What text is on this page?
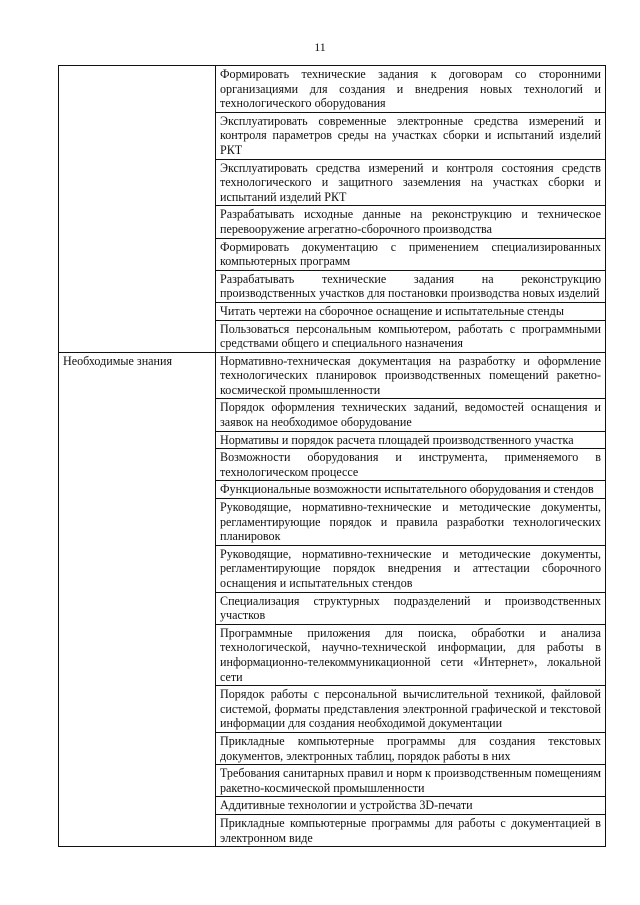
11
	Формировать технические задания к договорам со сторонними организациями для создания и внедрения новых технологий и технологического оборудования
	Эксплуатировать современные электронные средства измерений и контроля параметров среды на участках сборки и испытаний изделий РКТ
	Эксплуатировать средства измерений и контроля состояния средств технологического и защитного заземления на участках сборки и испытаний изделий РКТ
	Разрабатывать исходные данные на реконструкцию и техническое перевооружение агрегатно-сборочного производства
	Формировать документацию с применением специализированных компьютерных программ
	Разрабатывать технические задания на реконструкцию производственных участков для постановки производства новых изделий
	Читать чертежи на сборочное оснащение и испытательные стенды
	Пользоваться персональным компьютером, работать с программными средствами общего и специального назначения
Необходимые знания	Нормативно-техническая документация на разработку и оформление технологических планировок производственных помещений ракетно-космической промышленности
	Порядок оформления технических заданий, ведомостей оснащения и заявок на необходимое оборудование
	Нормативы и порядок расчета площадей производственного участка
	Возможности оборудования и инструмента, применяемого в технологическом процессе
	Функциональные возможности испытательного оборудования и стендов
	Руководящие, нормативно-технические и методические документы, регламентирующие порядок и правила разработки технологических планировок
	Руководящие, нормативно-технические и методические документы, регламентирующие порядок внедрения и аттестации сборочного оснащения и испытательных стендов
	Специализация структурных подразделений и производственных участков
	Программные приложения для поиска, обработки и анализа технологической, научно-технической информации, для работы в информационно-телекоммуникационной сети «Интернет», локальной сети
	Порядок работы с персональной вычислительной техникой, файловой системой, форматы представления электронной графической и текстовой информации для создания необходимой документации
	Прикладные компьютерные программы для создания текстовых документов, электронных таблиц, порядок работы в них
	Требования санитарных правил и норм к производственным помещениям ракетно-космической промышленности
	Аддитивные технологии и устройства 3D-печати
	Прикладные компьютерные программы для работы с документацией в электронном виде
